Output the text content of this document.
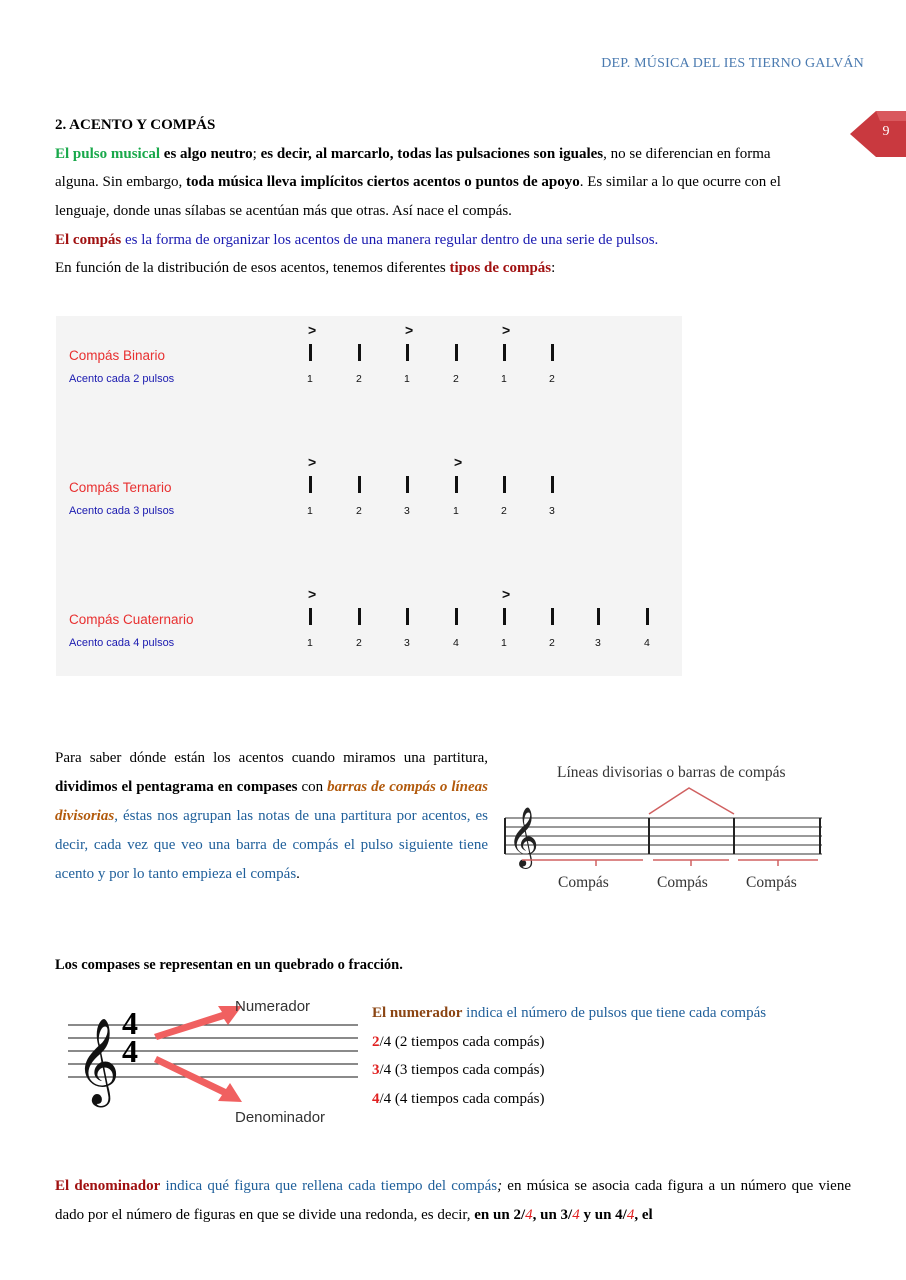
DEP. MÚSICA DEL IES TIERNO GALVÁN
9
2. ACENTO Y COMPÁS
El pulso musical es algo neutro; es decir, al marcarlo, todas las pulsaciones son iguales, no se diferencian en forma
alguna. Sin embargo, toda música lleva implícitos ciertos acentos o puntos de apoyo. Es similar a lo que ocurre con el
lenguaje, donde unas sílabas se acentúan más que otras. Así nace el compás.
El compás es la forma de organizar los acentos de una manera regular dentro de una serie de pulsos.
En función de la distribución de esos acentos, tenemos diferentes tipos de compás:
Compás Binario
Acento cada 2 pulsos
>
1	2
>
1	2
>
1	2
Compás Ternario
Acento cada 3 pulsos
>
1	2	3
>
1	2	3
Compás Cuaternario
Acento cada 4 pulsos
>
1	2	3	4
>
1	2	3	4
Para saber dónde están los acentos cuando miramos una partitura, dividimos el pentagrama en compases con barras de compás o líneas divisorias, éstas nos agrupan las notas de una partitura por acentos, es decir, cada vez que veo una barra de compás el pulso siguiente tiene acento y por lo tanto empieza el compás.
𝄞
Líneas divisorias o barras de compás
Compás	Compás Compás
Los compases se representan en un quebrado o fracción.
𝄞 4
4
Numerador
Denominador
El numerador indica el número de pulsos que tiene cada compás
2/4 (2 tiempos cada compás)
3/4 (3 tiempos cada compás)
4/4 (4 tiempos cada compás)
El denominador indica qué figura que rellena cada tiempo del compás; en música se asocia cada figura a un número que viene dado por el número de figuras en que se divide una redonda, es decir, en un 2/4, un 3/4 y un 4/4, el
